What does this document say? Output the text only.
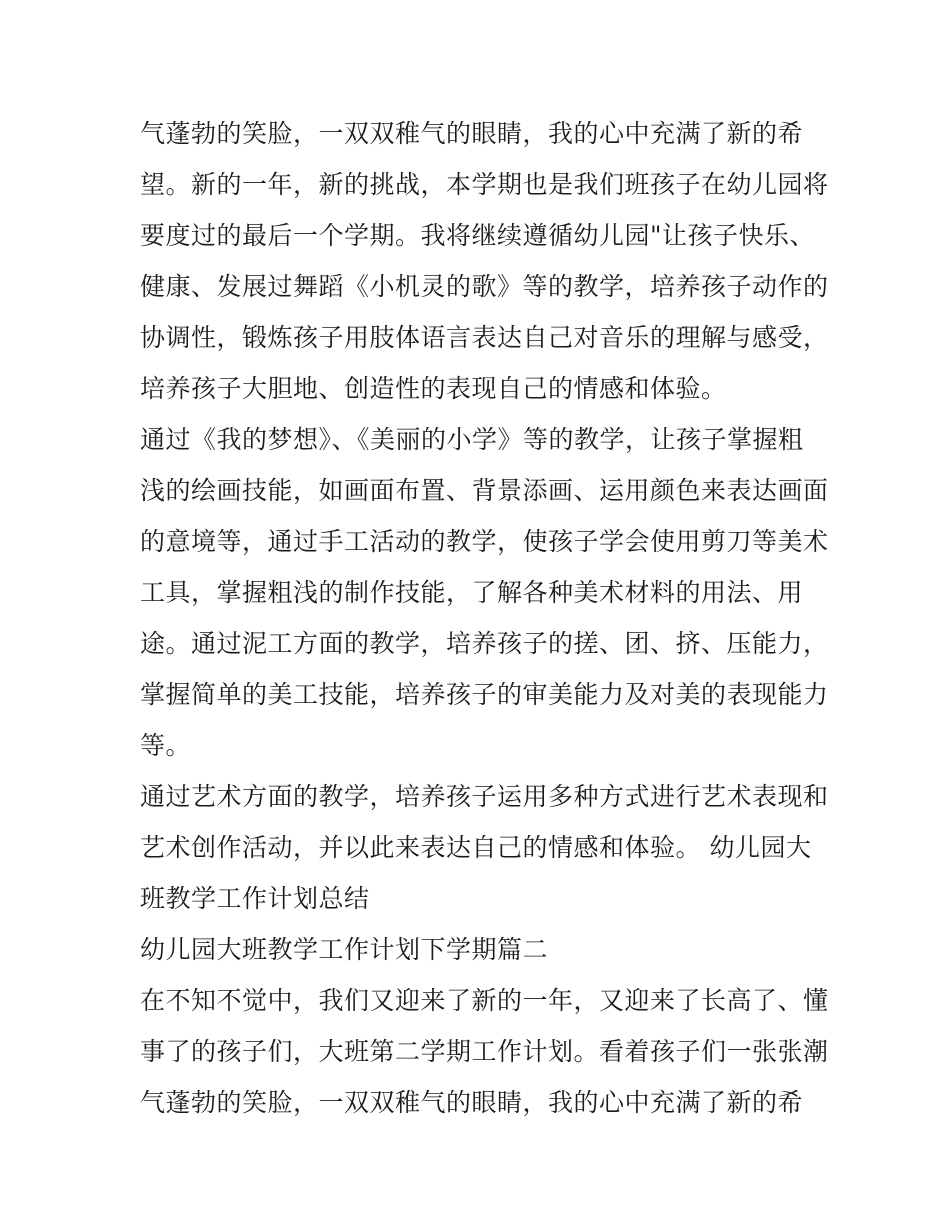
气蓬勃的笑脸，一双双稚气的眼睛，我的心中充满了新的希
望。新的一年，新的挑战，本学期也是我们班孩子在幼儿园将
要度过的最后一个学期。我将继续遵循幼儿园"让孩子快乐、
健康、发展过舞蹈《小机灵的歌》等的教学，培养孩子动作的
协调性，锻炼孩子用肢体语言表达自己对音乐的理解与感受，
培养孩子大胆地、创造性的表现自己的情感和体验。
通过《我的梦想》、《美丽的小学》等的教学，让孩子掌握粗
浅的绘画技能，如画面布置、背景添画、运用颜色来表达画面
的意境等，通过手工活动的教学，使孩子学会使用剪刀等美术
工具，掌握粗浅的制作技能，了解各种美术材料的用法、用
途。通过泥工方面的教学，培养孩子的搓、团、挤、压能力，
掌握简单的美工技能，培养孩子的审美能力及对美的表现能力
等。
通过艺术方面的教学，培养孩子运用多种方式进行艺术表现和
艺术创作活动，并以此来表达自己的情感和体验。 幼儿园大
班教学工作计划总结
幼儿园大班教学工作计划下学期篇二
在不知不觉中，我们又迎来了新的一年，又迎来了长高了、懂
事了的孩子们，大班第二学期工作计划。看着孩子们一张张潮
气蓬勃的笑脸，一双双稚气的眼睛，我的心中充满了新的希
